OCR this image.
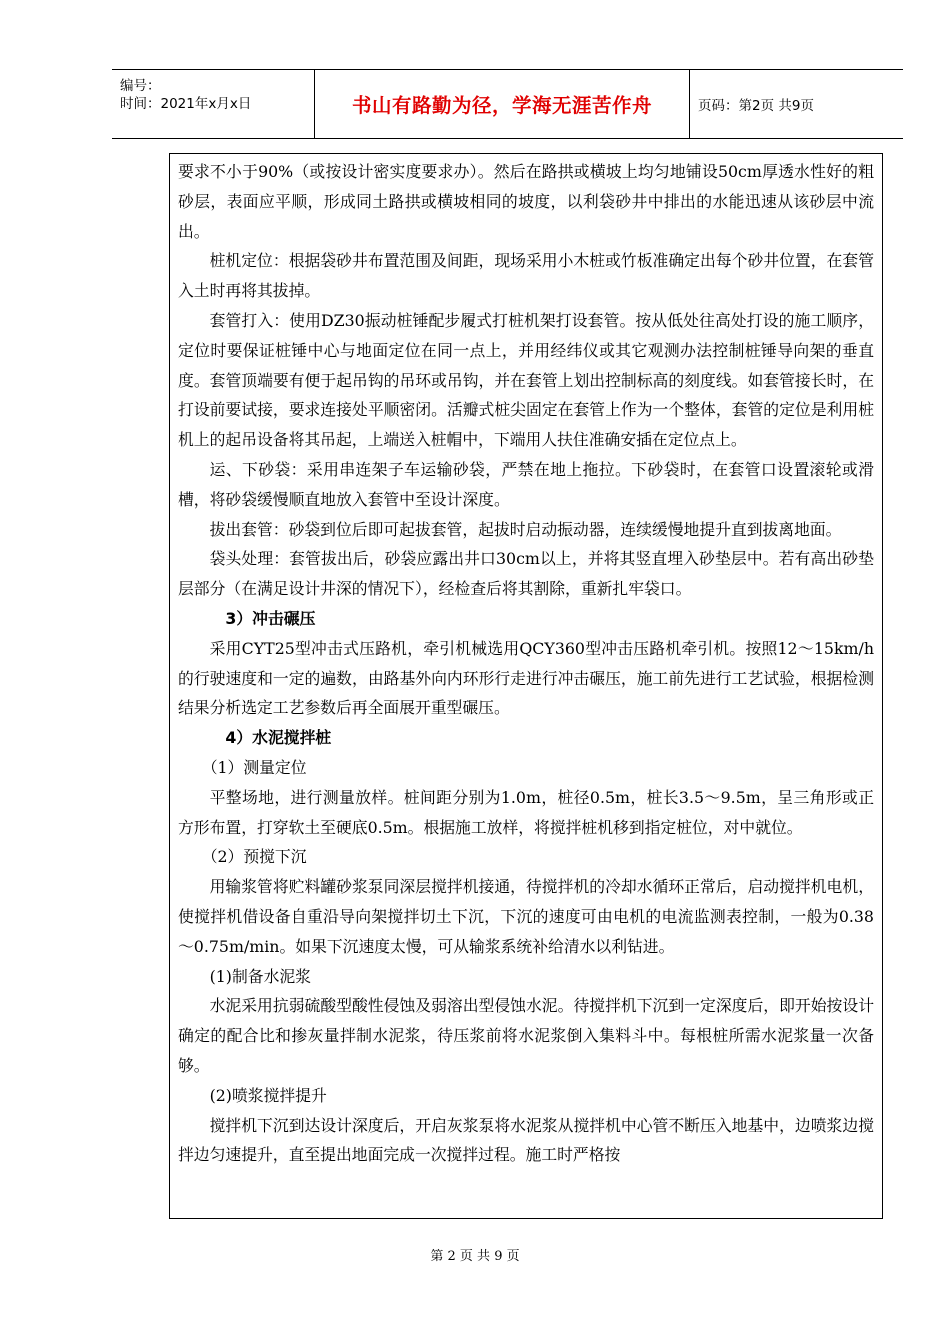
编号：
时间：2021年x月x日	书山有路勤为径，学海无涯苦作舟	页码：第2页 共9页

要求不小于90%（或按设计密实度要求办）。然后在路拱或横坡上均匀地铺设50cm厚透水性好的粗砂层，表面应平顺，形成同土路拱或横坡相同的坡度，以利袋砂井中排出的水能迅速从该砂层中流出。

桩机定位：根据袋砂井布置范围及间距，现场采用小木桩或竹板准确定出每个砂井位置，在套管入土时再将其拔掉。

套管打入：使用DZ30振动桩锤配步履式打桩机架打设套管。按从低处往高处打设的施工顺序，定位时要保证桩锤中心与地面定位在同一点上，并用经纬仪或其它观测办法控制桩锤导向架的垂直度。套管顶端要有便于起吊钩的吊环或吊钩，并在套管上划出控制标高的刻度线。如套管接长时，在打设前要试接，要求连接处平顺密闭。活瓣式桩尖固定在套管上作为一个整体，套管的定位是利用桩机上的起吊设备将其吊起，上端送入桩帽中，下端用人扶住准确安插在定位点上。

运、下砂袋：采用串连架子车运输砂袋，严禁在地上拖拉。下砂袋时，在套管口设置滚轮或滑槽，将砂袋缓慢顺直地放入套管中至设计深度。

拔出套管：砂袋到位后即可起拔套管，起拔时启动振动器，连续缓慢地提升直到拔离地面。

袋头处理：套管拔出后，砂袋应露出井口30cm以上，并将其竖直埋入砂垫层中。若有高出砂垫层部分（在满足设计井深的情况下），经检查后将其割除，重新扎牢袋口。

3）冲击碾压

采用CYT25型冲击式压路机，牵引机械选用QCY360型冲击压路机牵引机。按照12～15km/h的行驶速度和一定的遍数，由路基外向内环形行走进行冲击碾压，施工前先进行工艺试验，根据检测结果分析选定工艺参数后再全面展开重型碾压。

4）水泥搅拌桩

（1）测量定位

平整场地，进行测量放样。桩间距分别为1.0m，桩径0.5m，桩长3.5～9.5m，呈三角形或正方形布置，打穿软土至硬底0.5m。根据施工放样，将搅拌桩机移到指定桩位，对中就位。

（2）预搅下沉

用输浆管将贮料罐砂浆泵同深层搅拌机接通，待搅拌机的冷却水循环正常后，启动搅拌机电机，使搅拌机借设备自重沿导向架搅拌切土下沉，下沉的速度可由电机的电流监测表控制，一般为0.38～0.75m/min。如果下沉速度太慢，可从输浆系统补给清水以利钻进。

(1)制备水泥浆

水泥采用抗弱硫酸型酸性侵蚀及弱溶出型侵蚀水泥。待搅拌机下沉到一定深度后，即开始按设计确定的配合比和掺灰量拌制水泥浆，待压浆前将水泥浆倒入集料斗中。每根桩所需水泥浆量一次备够。

(2)喷浆搅拌提升

搅拌机下沉到达设计深度后，开启灰浆泵将水泥浆从搅拌机中心管不断压入地基中，边喷浆边搅拌边匀速提升，直至提出地面完成一次搅拌过程。施工时严格按

第 2 页 共 9 页
